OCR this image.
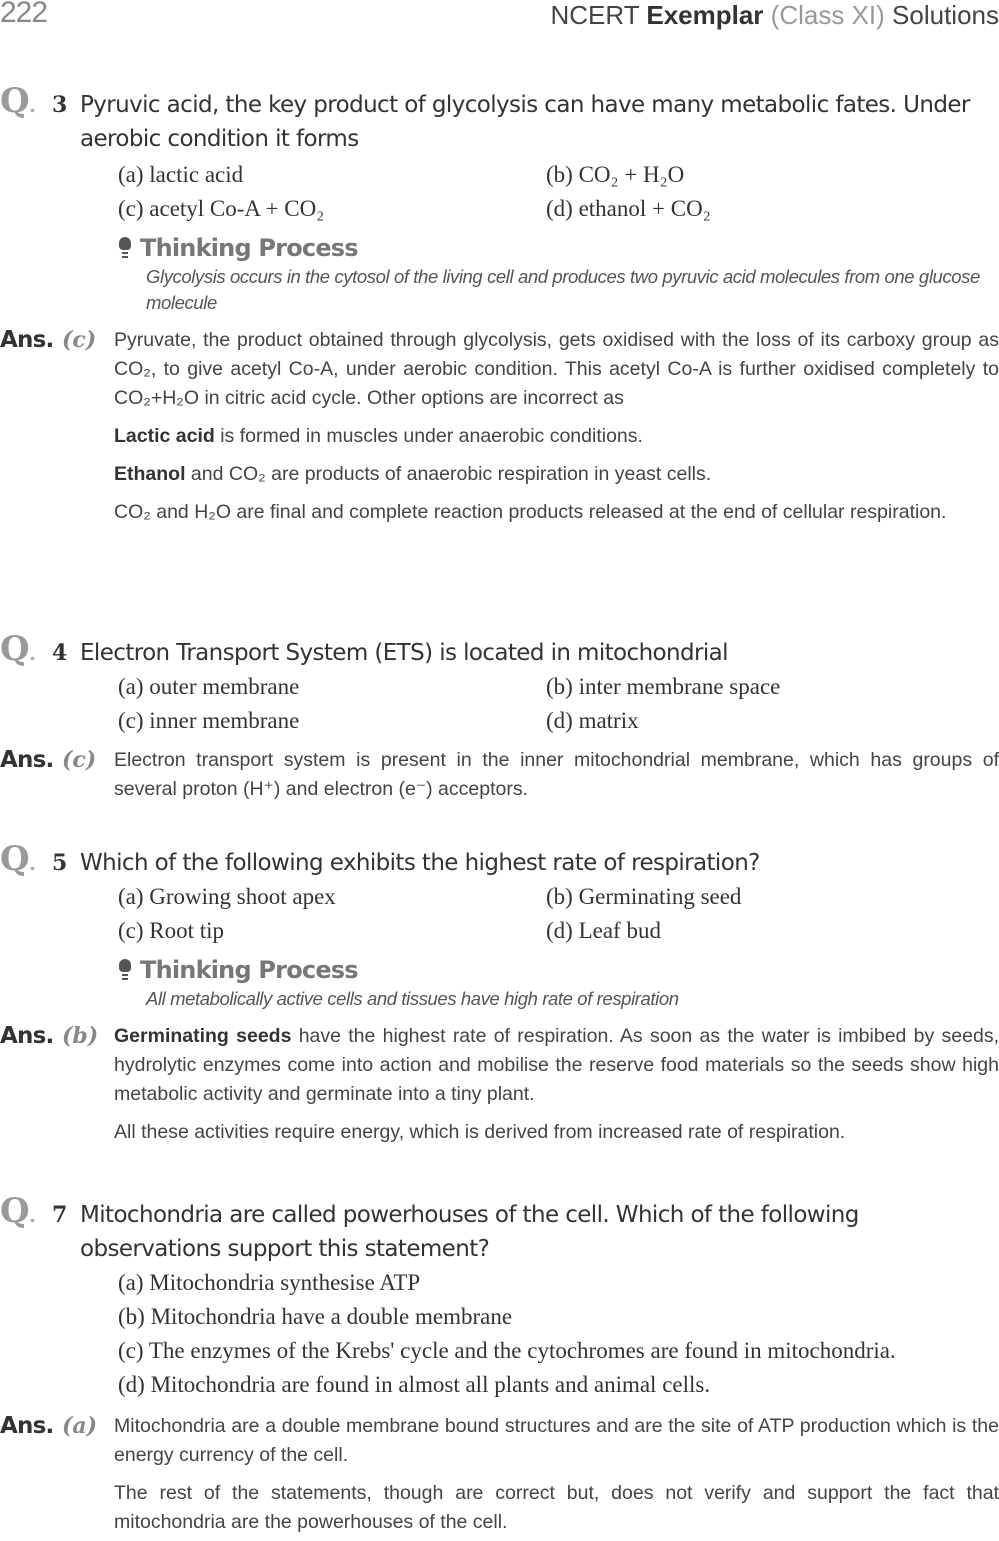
222	NCERT Exemplar (Class XI) Solutions
Q. 3 Pyruvic acid, the key product of glycolysis can have many metabolic fates. Under aerobic condition it forms
(a) lactic acid	(b) CO₂ + H₂O
(c) acetyl Co-A + CO₂	(d) ethanol + CO₂
Thinking Process
Glycolysis occurs in the cytosol of the living cell and produces two pyruvic acid molecules from one glucose molecule
Ans. (c) Pyruvate, the product obtained through glycolysis, gets oxidised with the loss of its carboxy group as CO₂, to give acetyl Co-A, under aerobic condition. This acetyl Co-A is further oxidised completely to CO₂+H₂O in citric acid cycle. Other options are incorrect as

Lactic acid is formed in muscles under anaerobic conditions.

Ethanol and CO₂ are products of anaerobic respiration in yeast cells.

CO₂ and H₂O are final and complete reaction products released at the end of cellular respiration.

Q. 4 Electron Transport System (ETS) is located in mitochondrial
(a) outer membrane	(b) inter membrane space
(c) inner membrane	(d) matrix
Ans. (c) Electron transport system is present in the inner mitochondrial membrane, which has groups of several proton (H⁺) and electron (e⁻) acceptors.

Q. 5 Which of the following exhibits the highest rate of respiration?
(a) Growing shoot apex	(b) Germinating seed
(c) Root tip	(d) Leaf bud
Thinking Process
All metabolically active cells and tissues have high rate of respiration
Ans. (b) Germinating seeds have the highest rate of respiration. As soon as the water is imbibed by seeds, hydrolytic enzymes come into action and mobilise the reserve food materials so the seeds show high metabolic activity and germinate into a tiny plant.

All these activities require energy, which is derived from increased rate of respiration.

Q. 7 Mitochondria are called powerhouses of the cell. Which of the following observations support this statement?
(a) Mitochondria synthesise ATP
(b) Mitochondria have a double membrane
(c) The enzymes of the Krebs' cycle and the cytochromes are found in mitochondria.
(d) Mitochondria are found in almost all plants and animal cells.
Ans. (a) Mitochondria are a double membrane bound structures and are the site of ATP production which is the energy currency of the cell.

The rest of the statements, though are correct but, does not verify and support the fact that mitochondria are the powerhouses of the cell.
